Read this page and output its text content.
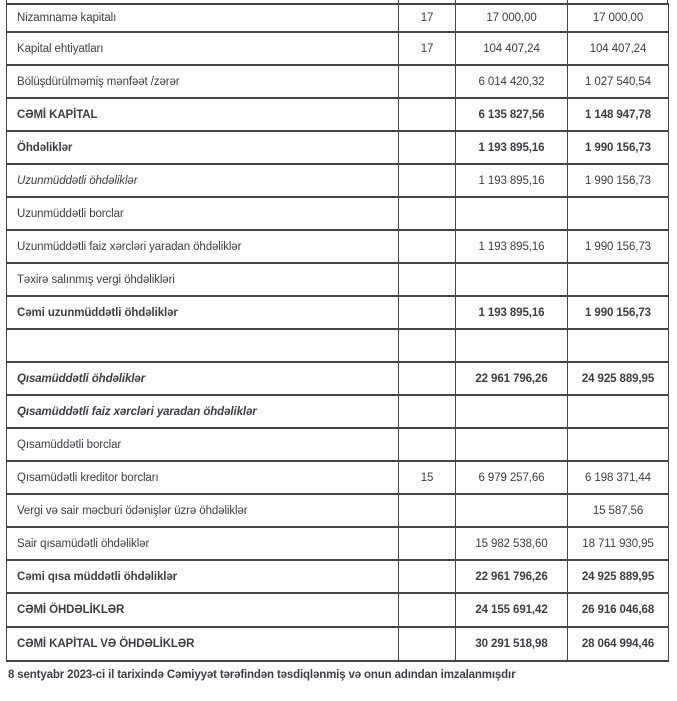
Nizamnamə kapitalı	17	17 000,00	17 000,00
Kapital ehtiyatları	17	104 407,24	104 407,24
Bölüşdürülməmiş mənfəət /zərər		6 014 420,32	1 027 540,54
CƏMİ KAPİTAL		6 135 827,56	1 148 947,78
Öhdəliklər		1 193 895,16	1 990 156,73
Uzunmüddətli öhdəliklər		1 193 895,16	1 990 156,73
Uzunmüddətli borclar			
Uzunmüddətli faiz xərcləri yaradan öhdəliklər		1 193 895,16	1 990 156,73
Təxirə salınmış vergi öhdəlikləri			
Cəmi uzunmüddətli öhdəliklər		1 193 895,16	1 990 156,73

Qısamüddətli öhdəliklər		22 961 796,26	24 925 889,95
Qısamüddətli faiz xərcləri yaradan öhdəliklər			
Qısamüddətli borclar			
Qısamüdətli kreditor borcları	15	6 979 257,66	6 198 371,44
Vergi və sair məcburi ödənişlər üzrə öhdəliklər			15 587,56
Sair qısamüdətli öhdəliklər		15 982 538,60	18 711 930,95
Cəmi qısa müddətli öhdəliklər		22 961 796,26	24 925 889,95
CƏMİ ÖHDƏLİKLƏR		24 155 691,42	26 916 046,68
CƏMİ KAPİTAL VƏ ÖHDƏLİKLƏR		30 291 518,98	28 064 994,46
8 sentyabr 2023-ci il tarixində Cəmiyyət tərəfindən təsdiqlənmiş və onun adından imzalanmışdır
